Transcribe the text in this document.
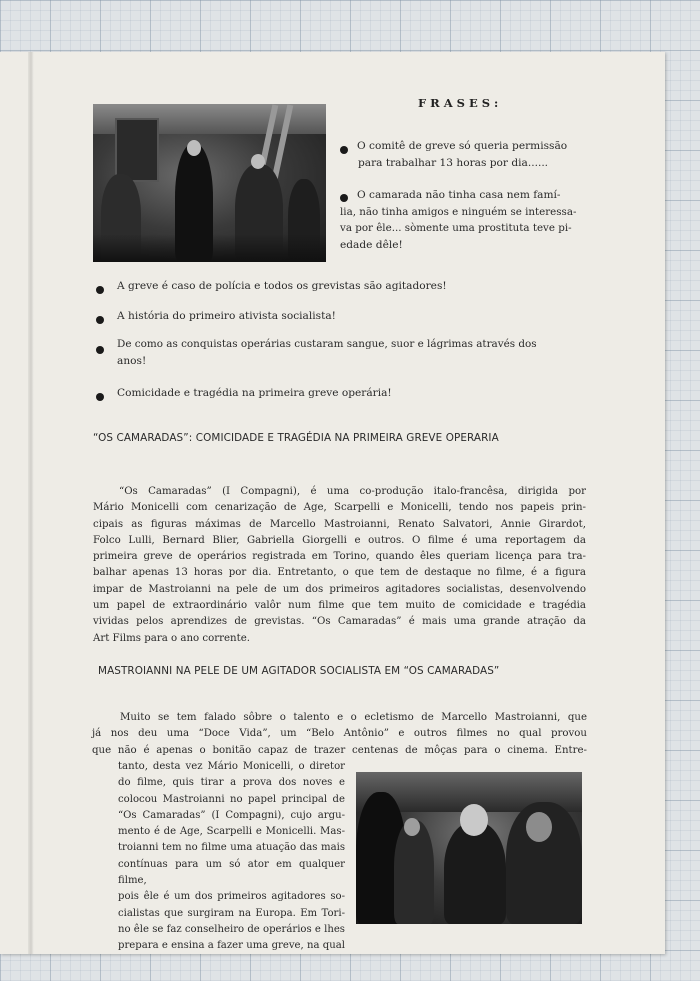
FRASES:
O comitê de greve só queria permissão
para trabalhar 13 horas por dia......
O camarada não tinha casa nem famí-
lia, não tinha amigos e ninguém se interessa-
va por êle... sòmente uma prostituta teve pi-
edade dêle!
A greve é caso de polícia e todos os grevistas são agitadores!
A história do primeiro ativista socialista!
De como as conquistas operárias custaram sangue, suor e lágrimas através dos
anos!
Comicidade e tragédia na primeira greve operária!
“OS CAMARADAS”: COMICIDADE E TRAGÉDIA NA PRIMEIRA GREVE OPERARIA
“Os Camaradas” (I Compagni), é uma co-produção italo-francêsa, dirigida por
Mário Monicelli com cenarização de Age, Scarpelli e Monicelli, tendo nos papeis prin-
cipais as figuras máximas de Marcello Mastroianni, Renato Salvatori, Annie Girardot,
Folco Lulli, Bernard Blier, Gabriella Giorgelli e outros. O filme é uma reportagem da
primeira greve de operários registrada em Torino, quando êles queriam licença para tra-
balhar apenas 13 horas por dia. Entretanto, o que tem de destaque no filme, é a figura
impar de Mastroianni na pele de um dos primeiros agitadores socialistas, desenvolvendo
um papel de extraordinário valôr num filme que tem muito de comicidade e tragédia
vividas pelos aprendizes de grevistas. “Os Camaradas” é mais uma grande atração da
Art Films para o ano corrente.
MASTROIANNI NA PELE DE UM AGITADOR SOCIALISTA EM “OS CAMARADAS”
Muito se tem falado sôbre o talento e o ecletismo de Marcello Mastroianni, que
já nos deu uma “Doce Vida”, um “Belo Antônio” e outros filmes no qual provou
que não é apenas o bonitão capaz de trazer centenas de môças para o cinema. Entre-
tanto, desta vez Mário Monicelli, o diretor
do filme, quis tirar a prova dos noves e
colocou Mastroianni no papel principal de
“Os Camaradas” (I Compagni), cujo argu-
mento é de Age, Scarpelli e Monicelli. Mas-
troianni tem no filme uma atuação das mais
contínuas para um só ator em qualquer filme,
pois êle é um dos primeiros agitadores so-
cialistas que surgiram na Europa. Em Tori-
no êle se faz conselheiro de operários e lhes
prepara e ensina a fazer uma greve, na qual
